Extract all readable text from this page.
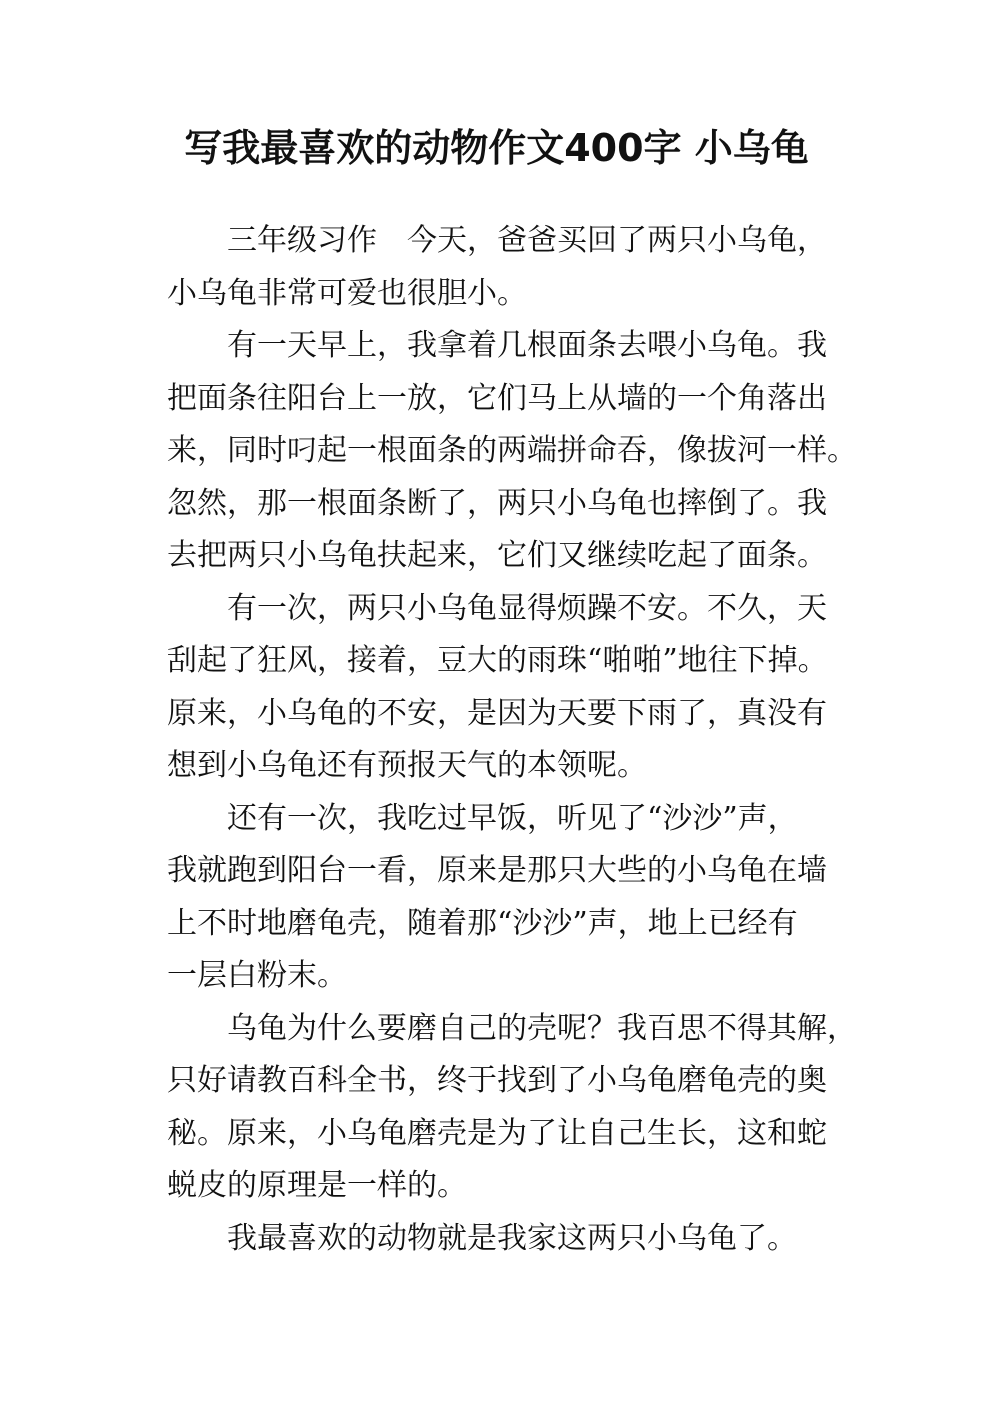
写我最喜欢的动物作文400字 小乌龟

三年级习作　今天，爸爸买回了两只小乌龟，
小乌龟非常可爱也很胆小。

有一天早上，我拿着几根面条去喂小乌龟。我
把面条往阳台上一放，它们马上从墙的一个角落出
来，同时叼起一根面条的两端拼命吞，像拔河一样。
忽然，那一根面条断了，两只小乌龟也摔倒了。我
去把两只小乌龟扶起来，它们又继续吃起了面条。

有一次，两只小乌龟显得烦躁不安。不久，天
刮起了狂风，接着，豆大的雨珠“啪啪”地往下掉。
原来，小乌龟的不安，是因为天要下雨了，真没有
想到小乌龟还有预报天气的本领呢。

还有一次，我吃过早饭，听见了“沙沙”声，
我就跑到阳台一看，原来是那只大些的小乌龟在墙
上不时地磨龟壳，随着那“沙沙”声，地上已经有
一层白粉末。

乌龟为什么要磨自己的壳呢？我百思不得其解，
只好请教百科全书，终于找到了小乌龟磨龟壳的奥
秘。原来，小乌龟磨壳是为了让自己生长，这和蛇
蜕皮的原理是一样的。

我最喜欢的动物就是我家这两只小乌龟了。
